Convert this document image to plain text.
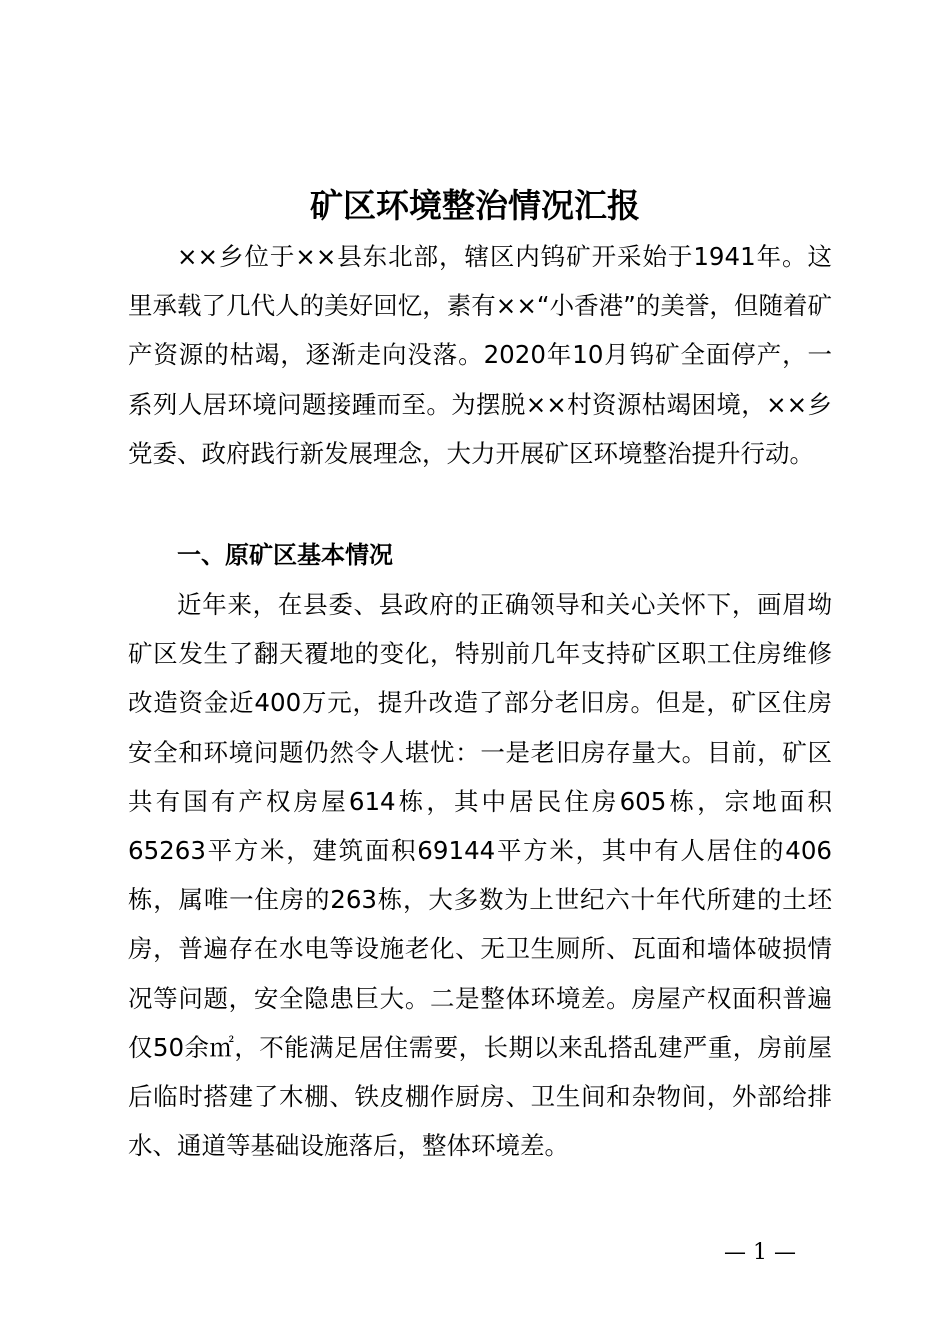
矿区环境整治情况汇报

××乡位于××县东北部，辖区内钨矿开采始于1941年。这里承载了几代人的美好回忆，素有××“小香港”的美誉，但随着矿产资源的枯竭，逐渐走向没落。2020年10月钨矿全面停产，一系列人居环境问题接踵而至。为摆脱××村资源枯竭困境，××乡党委、政府践行新发展理念，大力开展矿区环境整治提升行动。

一、原矿区基本情况

近年来，在县委、县政府的正确领导和关心关怀下，画眉坳矿区发生了翻天覆地的变化，特别前几年支持矿区职工住房维修改造资金近400万元，提升改造了部分老旧房。但是，矿区住房安全和环境问题仍然令人堪忧：一是老旧房存量大。目前，矿区共有国有产权房屋614栋，其中居民住房605栋，宗地面积65263平方米，建筑面积69144平方米，其中有人居住的406栋，属唯一住房的263栋，大多数为上世纪六十年代所建的土坯房，普遍存在水电等设施老化、无卫生厕所、瓦面和墙体破损情况等问题，安全隐患巨大。二是整体环境差。房屋产权面积普遍仅50余㎡，不能满足居住需要，长期以来乱搭乱建严重，房前屋后临时搭建了木棚、铁皮棚作厨房、卫生间和杂物间，外部给排水、通道等基础设施落后，整体环境差。

— 1 —
